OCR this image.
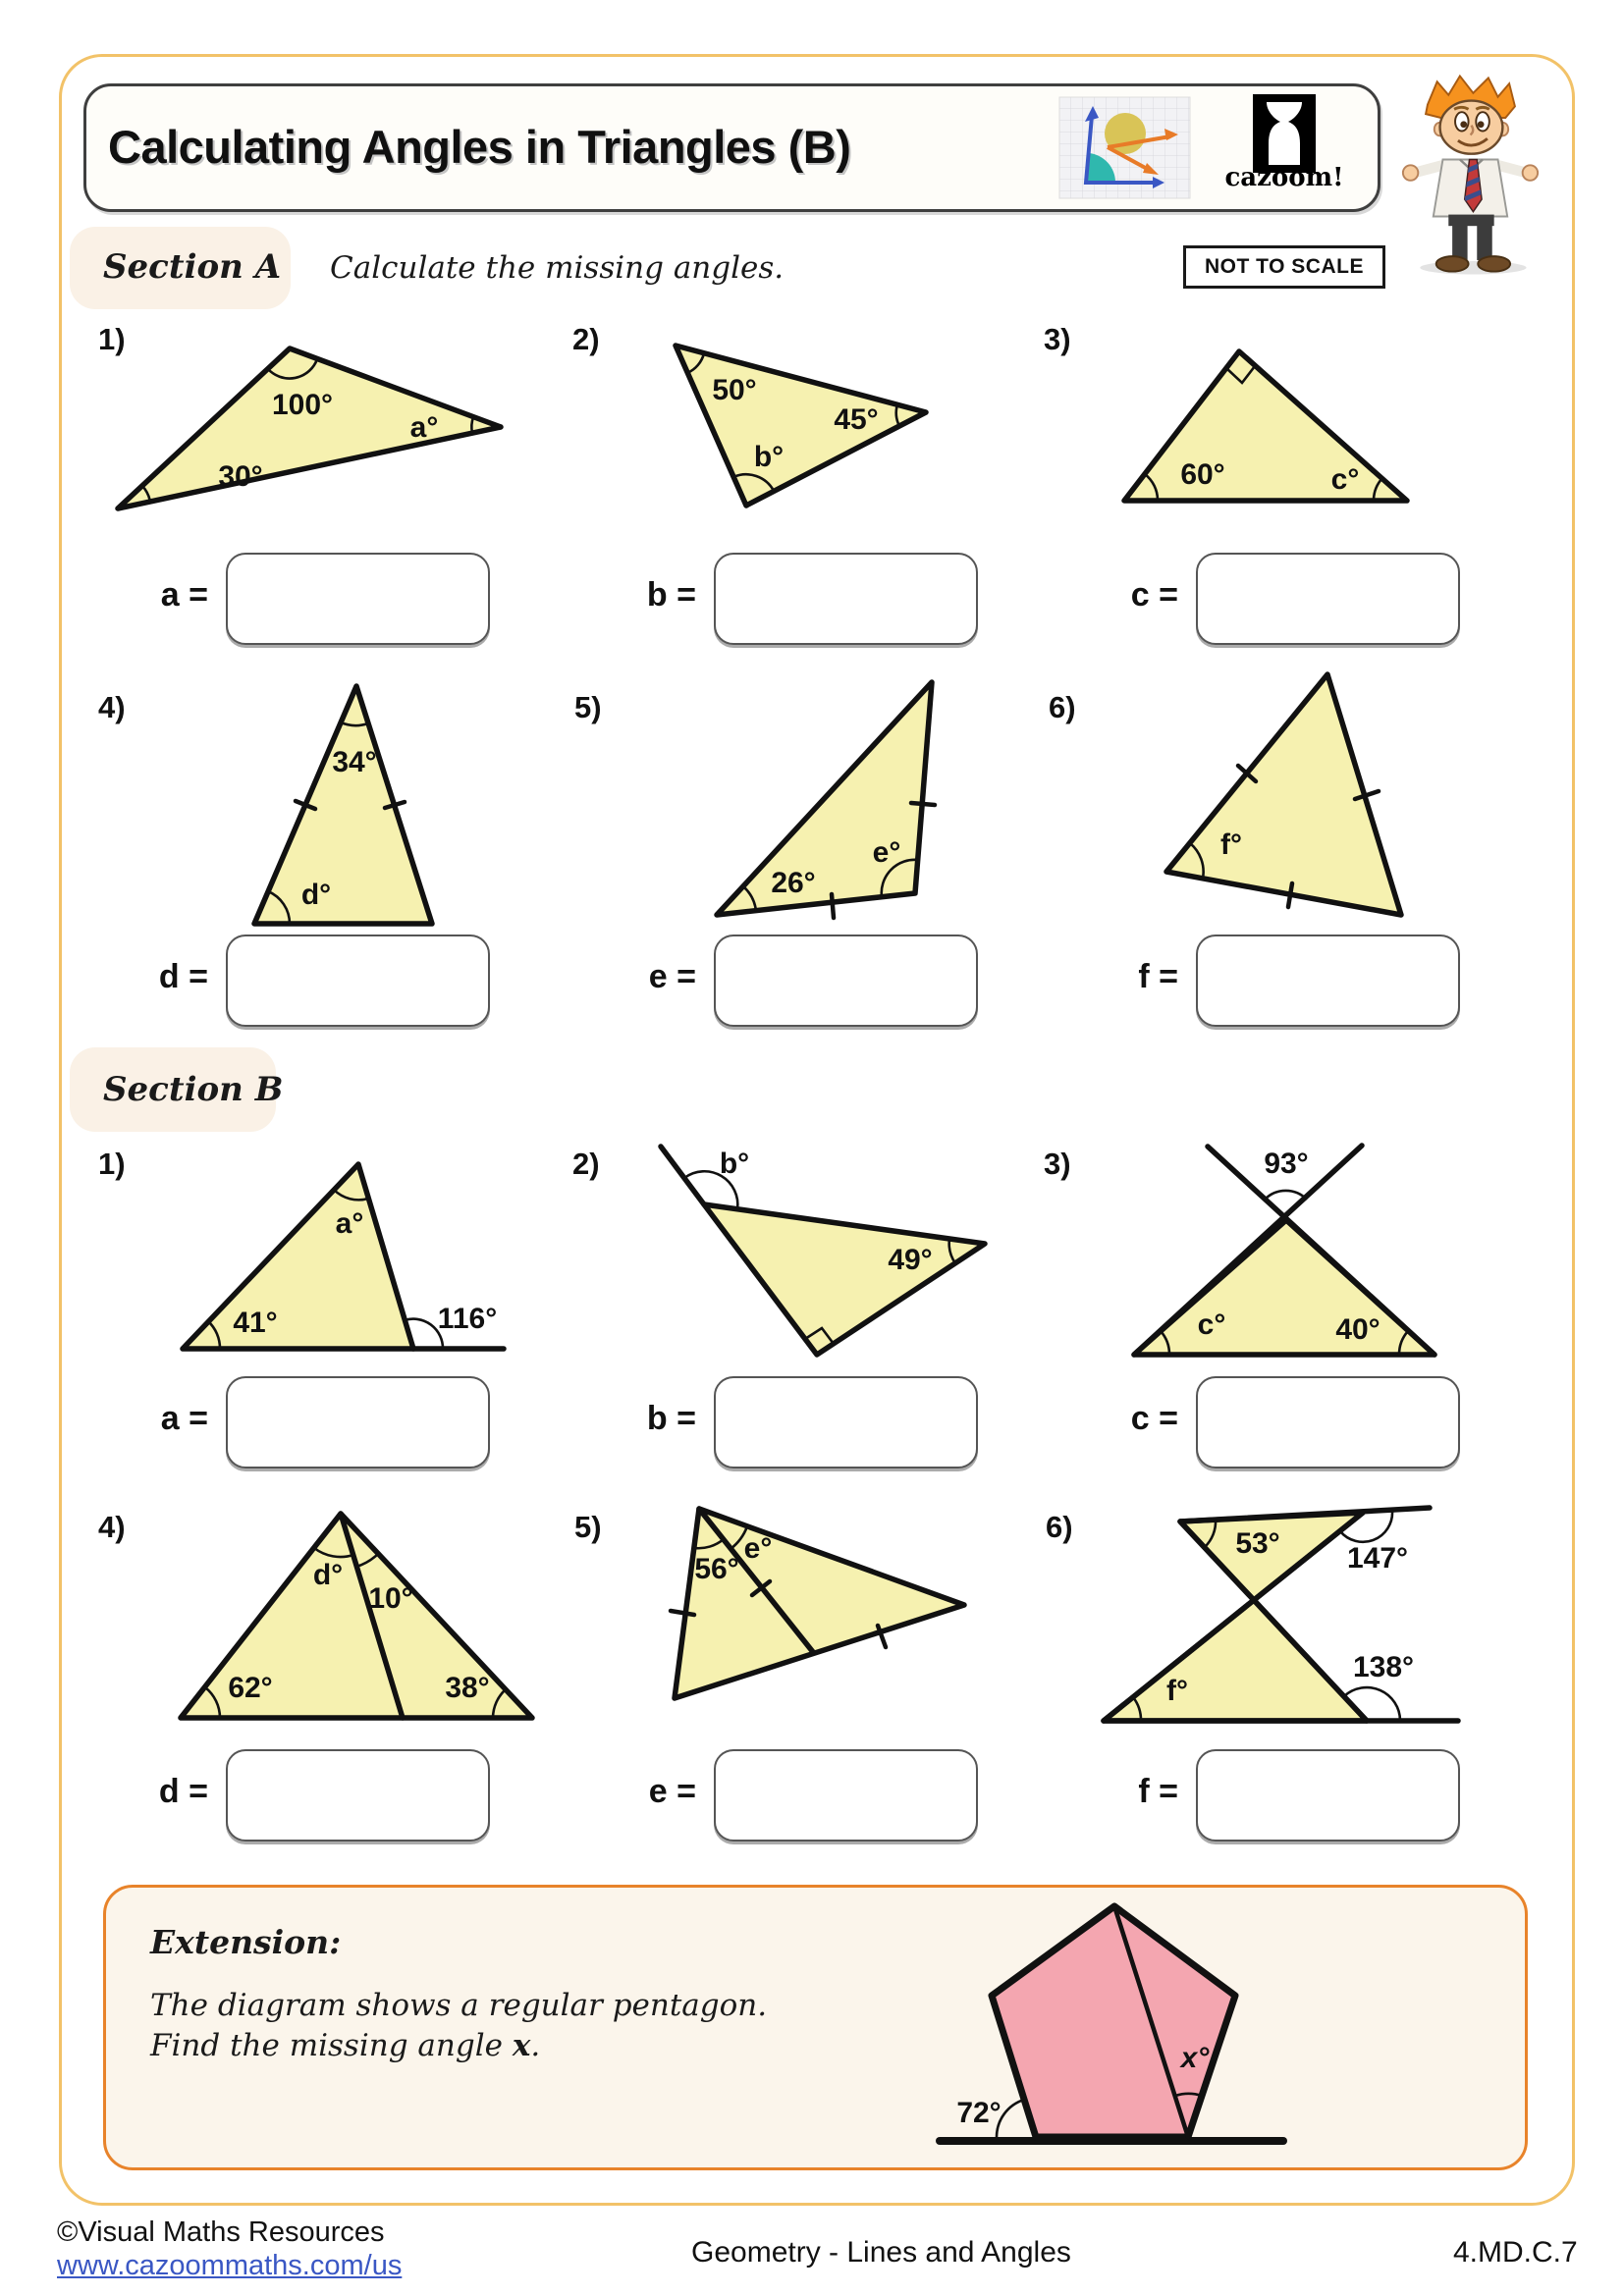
Calculating Angles in Triangles (B)
cazoom!
NOT TO SCALE
Section A Calculate the missing angles.
1)	2)	3)
100°
a°
30°
50°
45°
b°
60°	c°
a =	b =	c =
4)	5)	6)
34°
d°	26°
e°	f°
d =	e =	f =
Section B
1)	2)	3)
a°
41°	116°
b°
49°
93°
c°	40°
a =	b =	c =
4)	5)	6)
d°
10°
62°	38°
56°
e°	53° 147°
f°
138°
d =	e =	f =
Extension:
The diagram shows a regular pentagon.
Find the missing angle x.
72°
x°
©Visual Maths Resources
www.cazoommaths.com/us	Geometry - Lines and Angles	4.MD.C.7
